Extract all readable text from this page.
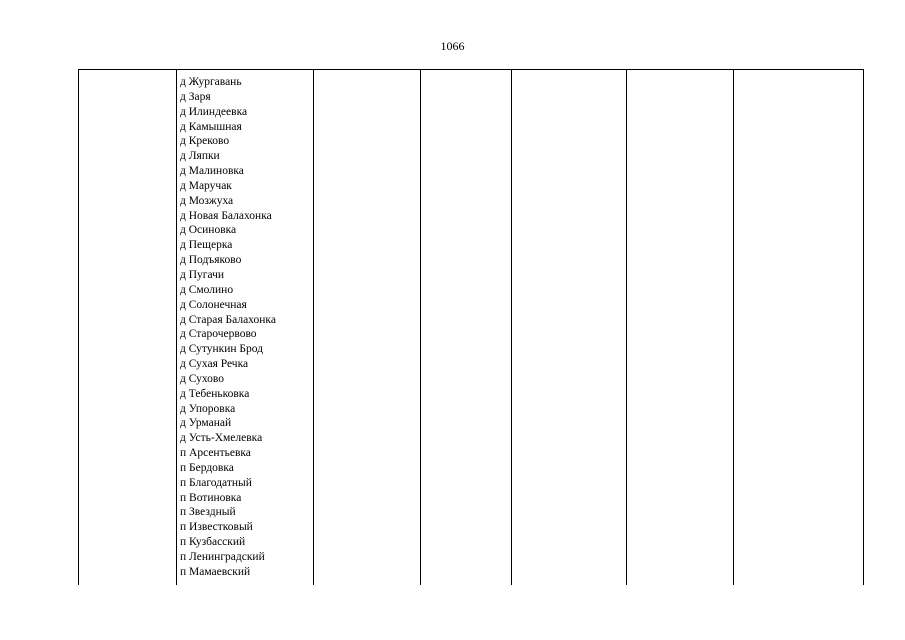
1066

д Жургавань
д Заря
д Илиндеевка
д Камышная
д Креково
д Ляпки
д Малиновка
д Маручак
д Мозжуха
д Новая Балахонка
д Осиновка
д Пещерка
д Подъяково
д Пугачи
д Смолино
д Солонечная
д Старая Балахонка
д Старочервово
д Сутункин Брод
д Сухая Речка
д Сухово
д Тебеньковка
д Упоровка
д Урманай
д Усть-Хмелевка
п Арсентьевка
п Бердовка
п Благодатный
п Вотиновка
п Звездный
п Известковый
п Кузбасский
п Ленинградский
п Мамаевский
